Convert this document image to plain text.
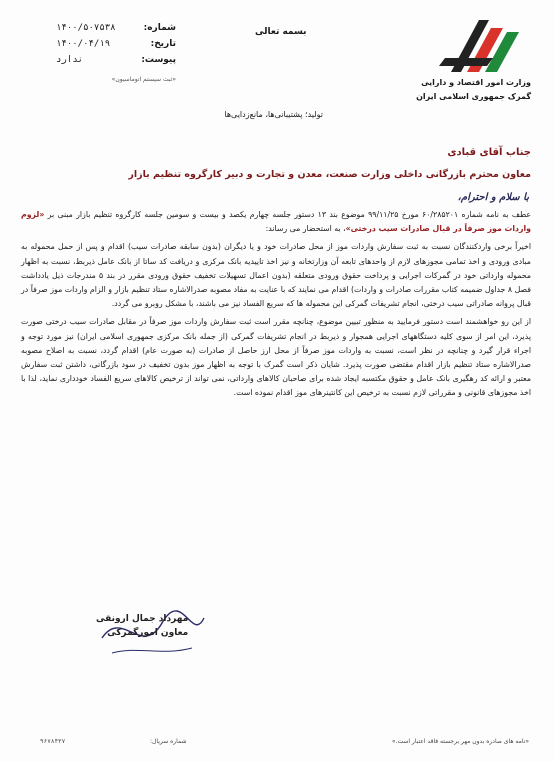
شماره:
۱۴۰۰/۵۰۷۵۳۸
تاریخ:
۱۴۰۰/۰۴/۱۹
پیوست:
ندارد
«ثبت سیستم اتوماسیون»
بسمه تعالی
وزارت امور اقتصاد و دارایی
گمرک جمهوری اسلامی ایران
تولید؛ پشتیبانی‌ها، مانع‌زدایی‌ها
جناب آقای قبادی
معاون محترم بازرگانی داخلی وزارت صنعت، معدن و تجارت و دبیر کارگروه تنظیم بازار
با سلام و احترام،

عطف به نامه شماره ۶۰/۲۸۵۲۰۱ مورخ ۹۹/۱۱/۲۵ موضوع بند ۱۳ دستور جلسه چهارم یکصد و بیست و سومین جلسه کارگروه تنظیم بازار مبنی بر «لزوم واردات موز صرفاً در قبال صادرات سیب درختی»، به استحضار می رساند:

اخیراً برخی واردکنندگان نسبت به ثبت سفارش واردات موز از محل صادرات خود و یا دیگران (بدون سابقه صادرات سیب) اقدام و پس از حمل محموله به مبادی ورودی و اخذ تمامی مجوزهای لازم از واحدهای تابعه آن وزارتخانه و نیز اخذ تاییدیه بانک مرکزی و دریافت کد ساتا از بانک عامل ذیربط، نسبت به اظهار محموله وارداتی خود در گمرکات اجرایی و پرداخت حقوق ورودی متعلقه (بدون اعمال تسهیلات تخفیف حقوق ورودی مقرر در بند ۵ مندرجات ذیل یادداشت فصل ۸ جداول ضمیمه کتاب مقررات صادرات و واردات) اقدام می نمایند که با عنایت به مفاد مصوبه صدرالاشاره ستاد تنظیم بازار و الزام واردات موز صرفاً در قبال پروانه صادراتی سیب درختی، انجام تشریفات گمرکی این محموله ها که سریع الفساد نیز می باشند، با مشکل روبرو می گردد.

از این رو خواهشمند است دستور فرمایید به منظور تبیین موضوع، چنانچه مقرر است ثبت سفارش واردات موز صرفاً در مقابل صادرات سیب درختی صورت پذیرد، این امر از سوی کلیه دستگاههای اجرایی همجوار و ذیربط در انجام تشریفات گمرکی (از جمله بانک مرکزی جمهوری اسلامی ایران) نیز مورد توجه و اجراء قرار گیرد و چنانچه در نظر است، نسبت به واردات موز صرفاً از محل ارز حاصل از صادرات (به صورت عام) اقدام گردد، نسبت به اصلاح مصوبه صدرالاشاره ستاد تنظیم بازار اقدام مقتضی صورت پذیرد. شایان ذکر است گمرک با توجه به اظهار موز بدون تخفیف در سود بازرگانی، داشتن ثبت سفارش معتبر و ارائه کد رهگیری بانک عامل و حقوق مکتسبه ایجاد شده برای صاحبان کالاهای وارداتی، نمی تواند از ترخیص کالاهای سریع الفساد خودداری نماید، لذا با اخذ مجوزهای قانونی و مقرراتی لازم نسبت به ترخیص این کانتینرهای موز اقدام نموده است.

مهرداد جمال ارونقی
معاون امورگمرکی
«نامه های صادره بدون مهر برجسته فاقد اعتبار است.»
شماره سریال:
۹۶۷۸۴۳۷
